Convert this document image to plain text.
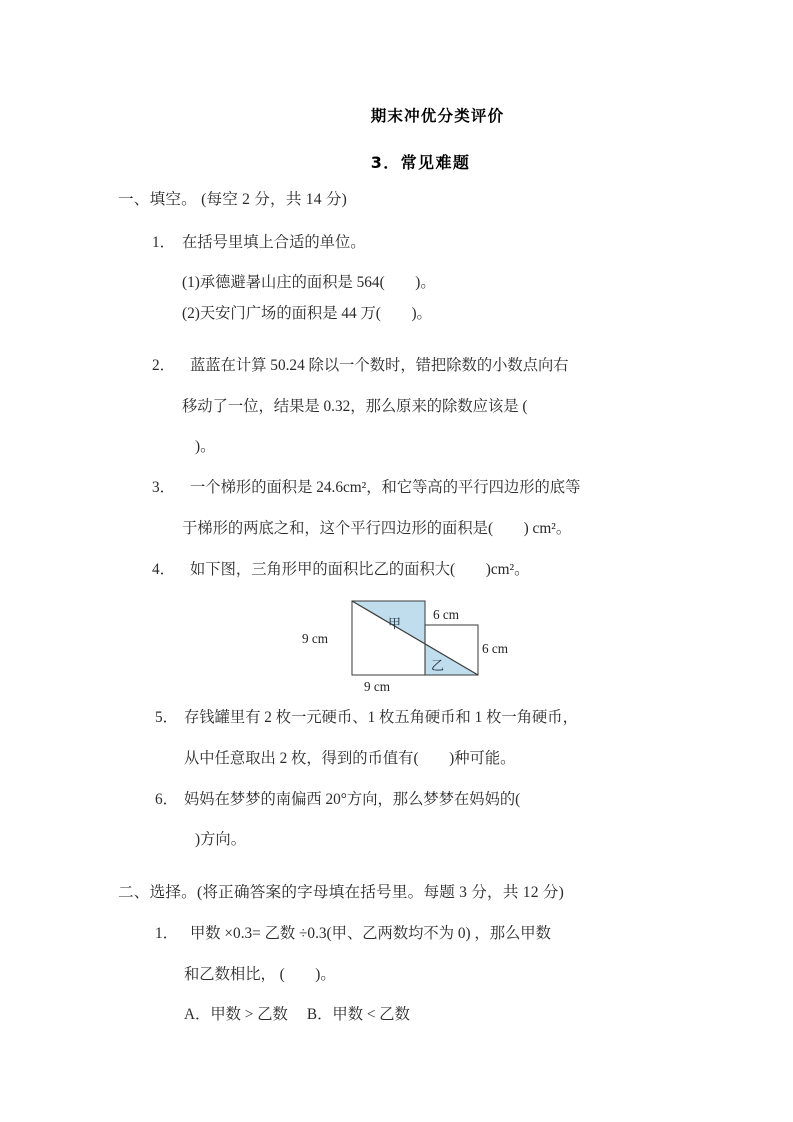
期末冲优分类评价
3．常见难题
一、填空。 (每空 2 分，共 14 分)
1． 在括号里填上合适的单位。
(1)承德避暑山庄的面积是 564(        )。
(2)天安门广场的面积是 44 万(        )。
2． 蓝蓝在计算 50.24 除以一个数时，错把除数的小数点向右
移动了一位，结果是 0.32，那么原来的除数应该是 (
)。
3． 一个梯形的面积是 24.6cm²，和它等高的平行四边形的底等
于梯形的两底之和，这个平行四边形的面积是(        ) cm²。
4． 如下图，三角形甲的面积比乙的面积大(        )cm²。
甲
乙
9 cm
9 cm
6 cm
6 cm
5． 存钱罐里有 2 枚一元硬币、1 枚五角硬币和 1 枚一角硬币，
从中任意取出 2 枚，得到的币值有(        )种可能。
6． 妈妈在梦梦的南偏西 20°方向，那么梦梦在妈妈的(
)方向。
二、选择。(将正确答案的字母填在括号里。每题 3 分，共 12 分)
1． 甲数 ×0.3= 乙数 ÷0.3(甲、乙两数均不为 0) ，那么甲数
和乙数相比， (        )。
A．甲数 > 乙数　 B．甲数 < 乙数
